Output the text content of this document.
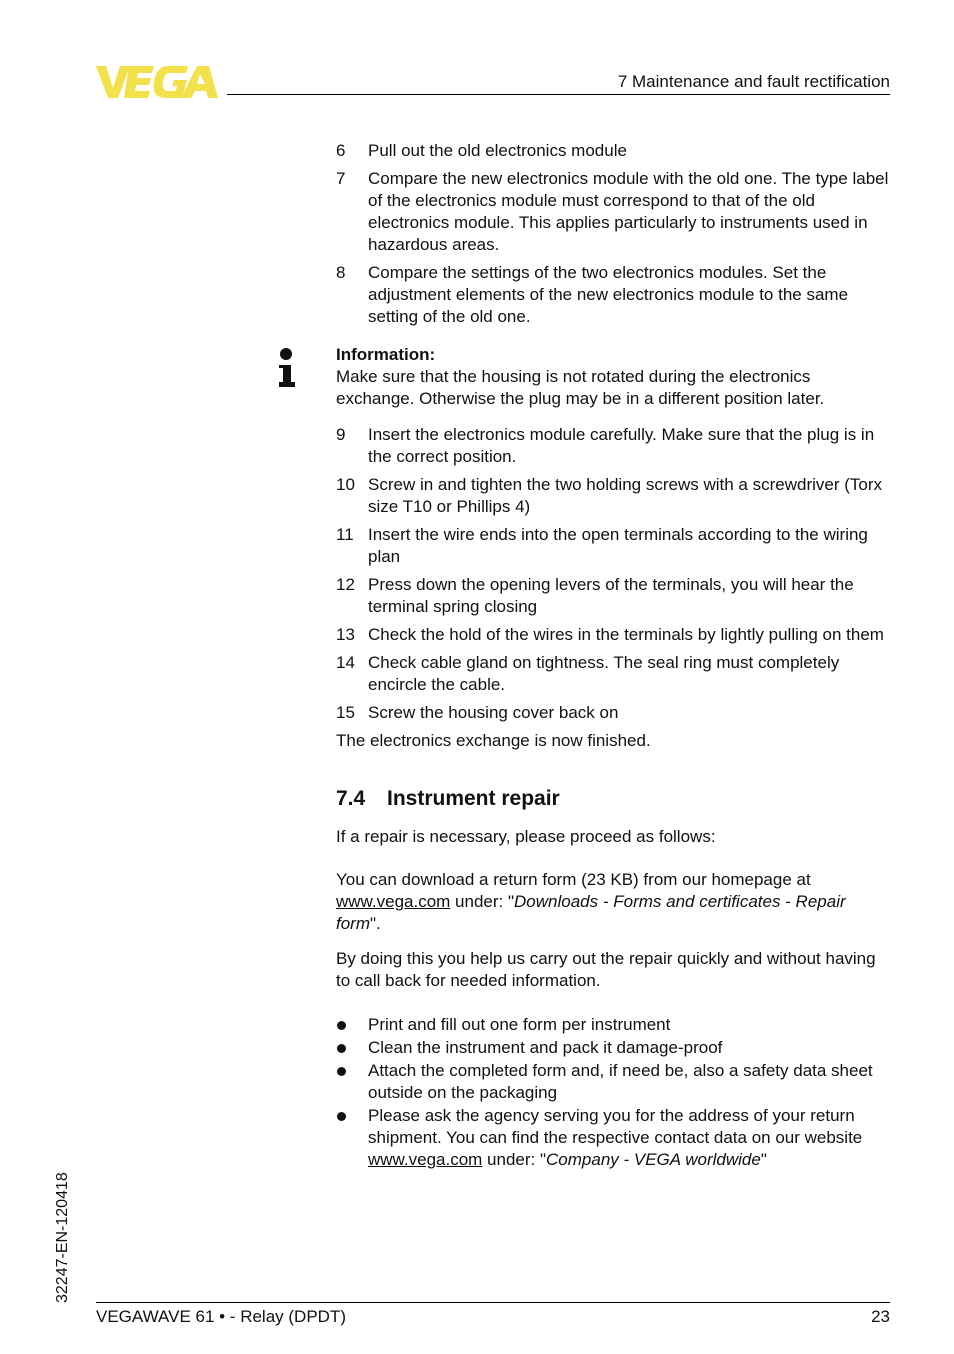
7 Maintenance and fault rectification
6 Pull out the old electronics module
7 Compare the new electronics module with the old one. The type label of the electronics module must correspond to that of the old electronics module. This applies particularly to instruments used in hazardous areas.
8 Compare the settings of the two electronics modules. Set the adjustment elements of the new electronics module to the same setting of the old one.
Information:
Make sure that the housing is not rotated during the electronics exchange. Otherwise the plug may be in a different position later.
9 Insert the electronics module carefully. Make sure that the plug is in the correct position.
10 Screw in and tighten the two holding screws with a screwdriver (Torx size T10 or Phillips 4)
11 Insert the wire ends into the open terminals according to the wiring plan
12 Press down the opening levers of the terminals, you will hear the terminal spring closing
13 Check the hold of the wires in the terminals by lightly pulling on them
14 Check cable gland on tightness. The seal ring must completely encircle the cable.
15 Screw the housing cover back on

The electronics exchange is now finished.

7.4 Instrument repair

If a repair is necessary, please proceed as follows:

You can download a return form (23 KB) from our homepage at www.vega.com under: "Downloads - Forms and certificates - Repair form".

By doing this you help us carry out the repair quickly and without having to call back for needed information.

Print and fill out one form per instrument
Clean the instrument and pack it damage-proof
Attach the completed form and, if need be, also a safety data sheet outside on the packaging
Please ask the agency serving you for the address of your return shipment. You can find the respective contact data on our website www.vega.com under: "Company - VEGA worldwide"
32247-EN-120418
VEGAWAVE 61 • - Relay (DPDT)	23
